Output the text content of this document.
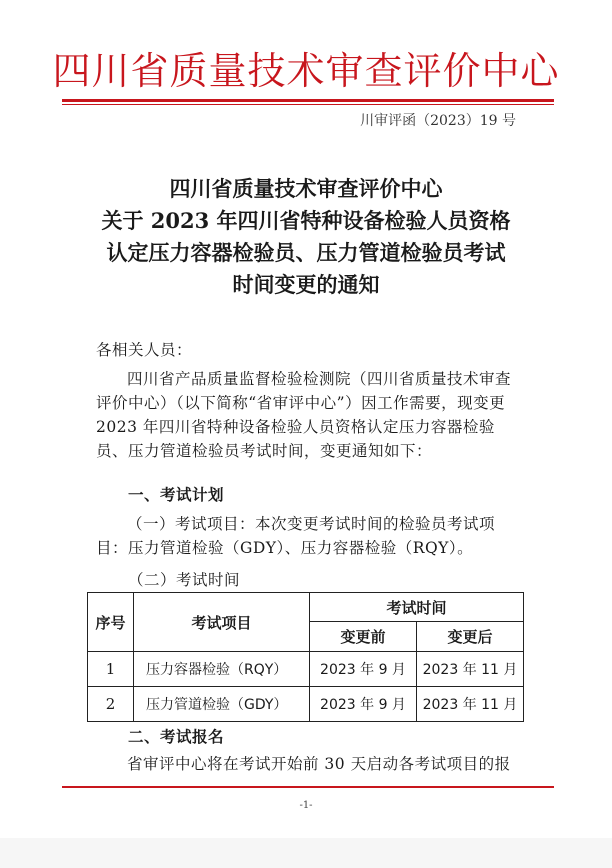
四川省质量技术审查评价中心
川审评函（2023）19 号
四川省质量技术审查评价中心
关于 2023 年四川省特种设备检验人员资格
认定压力容器检验员、压力管道检验员考试
时间变更的通知
各相关人员：

四川省产品质量监督检验检测院（四川省质量技术审查评价中心）（以下简称“省审评中心”）因工作需要，现变更 2023 年四川省特种设备检验人员资格认定压力容器检验员、压力管道检验员考试时间，变更通知如下：

一、考试计划
（一）考试项目：本次变更考试时间的检验员考试项目：压力管道检验（GDY）、压力容器检验（RQY）。
（二）考试时间
序号	考试项目	考试时间	
		变更前	变更后
1	压力容器检验（RQY）	2023 年 9 月	2023 年 11 月
2	压力管道检验（GDY）	2023 年 9 月	2023 年 11 月
二、考试报名
省审评中心将在考试开始前 30 天启动各考试项目的报
-1-
